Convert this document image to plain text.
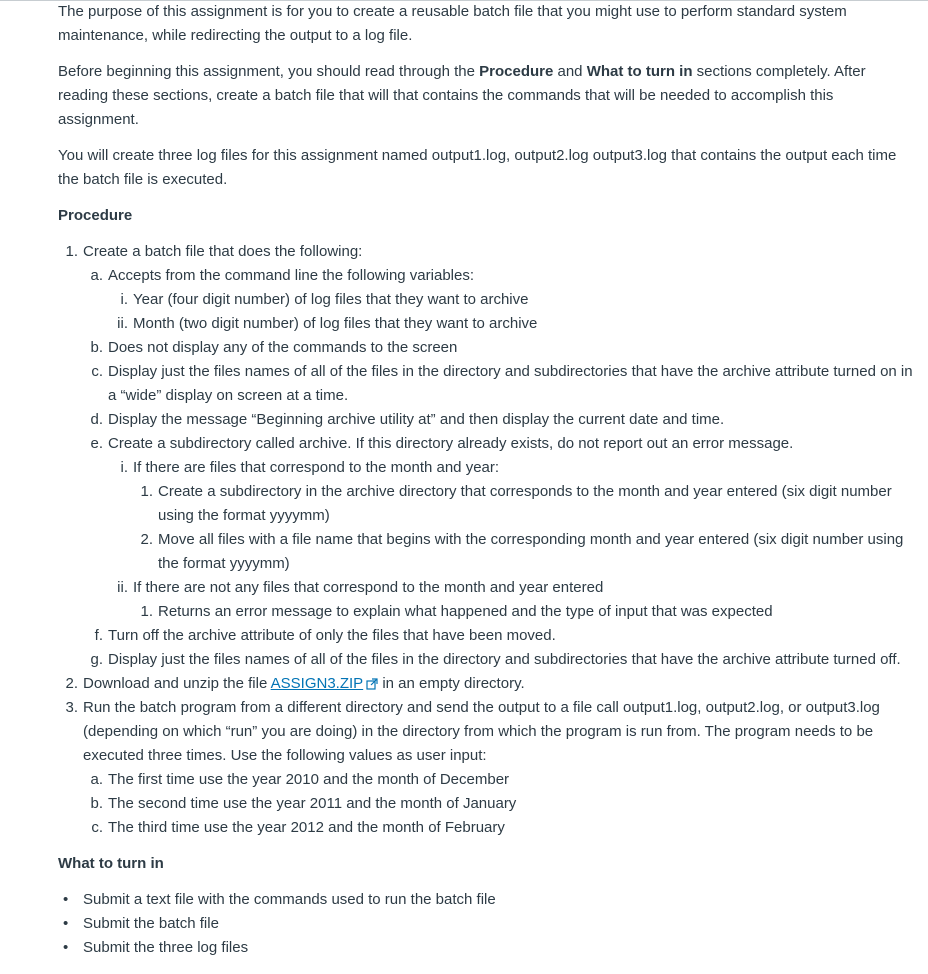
The purpose of this assignment is for you to create a reusable batch file that you might use to perform standard system maintenance, while redirecting the output to a log file.

Before beginning this assignment, you should read through the Procedure and What to turn in sections completely. After reading these sections, create a batch file that will that contains the commands that will be needed to accomplish this assignment.

You will create three log files for this assignment named output1.log, output2.log output3.log that contains the output each time the batch file is executed.

Procedure
1. Create a batch file that does the following:
a. Accepts from the command line the following variables:
i. Year (four digit number) of log files that they want to archive
ii. Month (two digit number) of log files that they want to archive
b. Does not display any of the commands to the screen
c. Display just the files names of all of the files in the directory and subdirectories that have the archive attribute turned on in a “wide” display on screen at a time.
d. Display the message “Beginning archive utility at” and then display the current date and time.
e. Create a subdirectory called archive. If this directory already exists, do not report out an error message.
i. If there are files that correspond to the month and year:
1. Create a subdirectory in the archive directory that corresponds to the month and year entered (six digit number using the format yyyymm)
2. Move all files with a file name that begins with the corresponding month and year entered (six digit number using the format yyyymm)
ii. If there are not any files that correspond to the month and year entered
1. Returns an error message to explain what happened and the type of input that was expected
f. Turn off the archive attribute of only the files that have been moved.
g. Display just the files names of all of the files in the directory and subdirectories that have the archive attribute turned off.
2. Download and unzip the file ASSIGN3.ZIP in an empty directory.
3. Run the batch program from a different directory and send the output to a file call output1.log, output2.log, or output3.log (depending on which “run” you are doing) in the directory from which the program is run from. The program needs to be executed three times. Use the following values as user input:
a. The first time use the year 2010 and the month of December
b. The second time use the year 2011 and the month of January
c. The third time use the year 2012 and the month of February
What to turn in
• Submit a text file with the commands used to run the batch file
• Submit the batch file
• Submit the three log files
